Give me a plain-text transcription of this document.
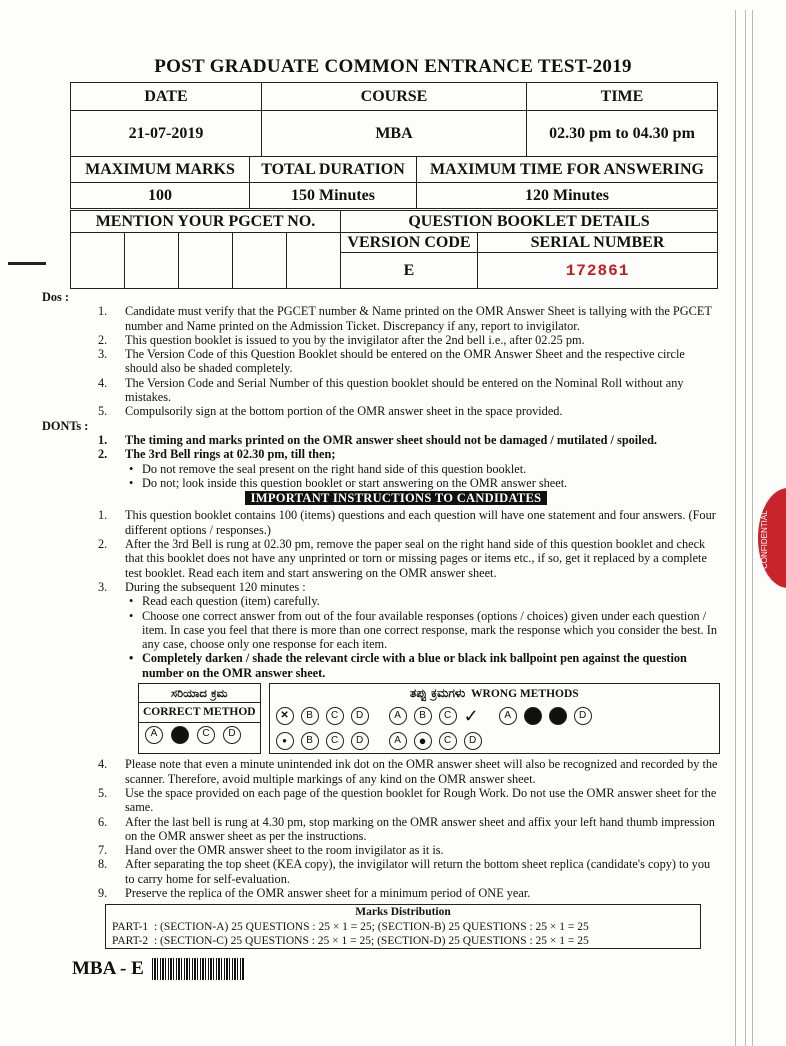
POST GRADUATE COMMON ENTRANCE TEST-2019
DATE	COURSE	TIME
21-07-2019	MBA	02.30 pm to 04.30 pm
MAXIMUM MARKS	TOTAL DURATION	MAXIMUM TIME FOR ANSWERING
100	150 Minutes	120 Minutes
MENTION YOUR PGCET NO.					QUESTION BOOKLET DETAILS	
					VERSION CODE	SERIAL NUMBER
					E	172861
Dos :
1. Candidate must verify that the PGCET number & Name printed on the OMR Answer Sheet is tallying with the PGCET number and Name printed on the Admission Ticket. Discrepancy if any, report to invigilator.
2. This question booklet is issued to you by the invigilator after the 2nd bell i.e., after 02.25 pm.
3. The Version Code of this Question Booklet should be entered on the OMR Answer Sheet and the respective circle should also be shaded completely.
4. The Version Code and Serial Number of this question booklet should be entered on the Nominal Roll without any mistakes.
5. Compulsorily sign at the bottom portion of the OMR answer sheet in the space provided.
DONTs :
1. The timing and marks printed on the OMR answer sheet should not be damaged / mutilated / spoiled.
2. The 3rd Bell rings at 02.30 pm, till then;
• Do not remove the seal present on the right hand side of this question booklet.
• Do not; look inside this question booklet or start answering on the OMR answer sheet.
IMPORTANT INSTRUCTIONS TO CANDIDATES
1. This question booklet contains 100 (items) questions and each question will have one statement and four answers. (Four different options / responses.)
2. After the 3rd Bell is rung at 02.30 pm, remove the paper seal on the right hand side of this question booklet and check that this booklet does not have any unprinted or torn or missing pages or items etc., if so, get it replaced by a complete test booklet. Read each item and start answering on the OMR answer sheet.
3. During the subsequent 120 minutes :
• Read each question (item) carefully.
• Choose one correct answer from out of the four available responses (options / choices) given under each question / item. In case you feel that there is more than one correct response, mark the response which you consider the best. In any case, choose only one response for each item.
• Completely darken / shade the relevant circle with a blue or black ink ballpoint pen against the question number on the OMR answer sheet.
ಸರಿಯಾದ ಕ್ರಮ
CORRECT METHOD
A	C	D
ತಪ್ಪು ಕ್ರಮಗಳು WRONG METHODS
✕	B	C	D	A	B	C ✓	A	D
●	B	C	D	A	●	C	D
4. Please note that even a minute unintended ink dot on the OMR answer sheet will also be recognized and recorded by the scanner. Therefore, avoid multiple markings of any kind on the OMR answer sheet.
5. Use the space provided on each page of the question booklet for Rough Work. Do not use the OMR answer sheet for the same.
6. After the last bell is rung at 4.30 pm, stop marking on the OMR answer sheet and affix your left hand thumb impression on the OMR answer sheet as per the instructions.
7. Hand over the OMR answer sheet to the room invigilator as it is.
8. After separating the top sheet (KEA copy), the invigilator will return the bottom sheet replica (candidate's copy) to you to carry home for self-evaluation.
9. Preserve the replica of the OMR answer sheet for a minimum period of ONE year.
Marks Distribution
PART-1 : (SECTION-A) 25 QUESTIONS : 25 × 1 = 25; (SECTION-B) 25 QUESTIONS : 25 × 1 = 25
PART-2 : (SECTION-C) 25 QUESTIONS : 25 × 1 = 25; (SECTION-D) 25 QUESTIONS : 25 × 1 = 25
MBA - E
CONFIDENTIAL
